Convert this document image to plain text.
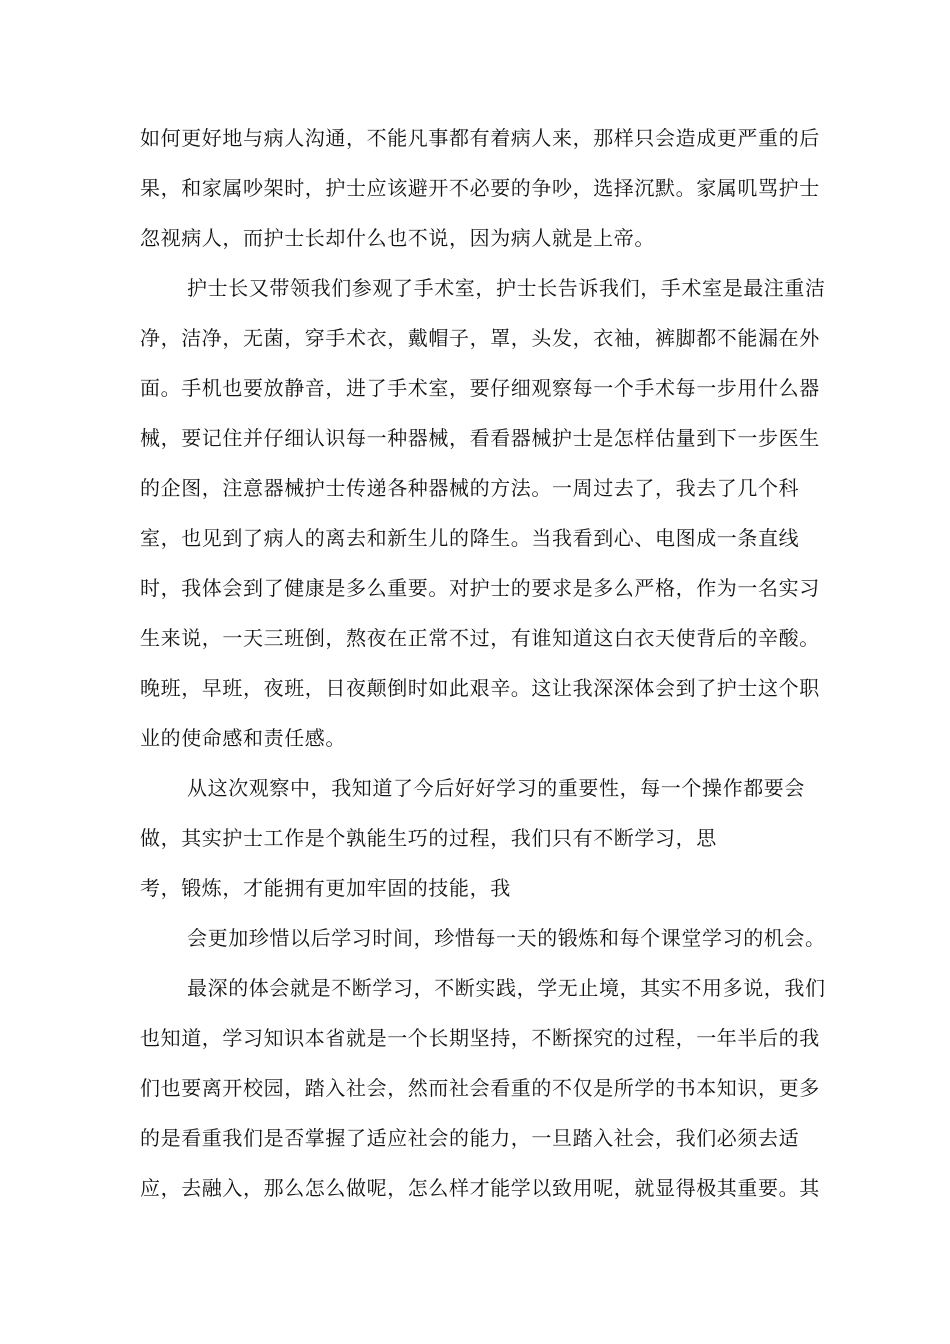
如何更好地与病人沟通，不能凡事都有着病人来，那样只会造成更严重的后
果，和家属吵架时，护士应该避开不必要的争吵，选择沉默。家属叽骂护士
忽视病人，而护士长却什么也不说，因为病人就是上帝。
护士长又带领我们参观了手术室，护士长告诉我们，手术室是最注重洁
净，洁净，无菌，穿手术衣，戴帽子，罩，头发，衣袖，裤脚都不能漏在外
面。手机也要放静音，进了手术室，要仔细观察每一个手术每一步用什么器
械，要记住并仔细认识每一种器械，看看器械护士是怎样估量到下一步医生
的企图，注意器械护士传递各种器械的方法。一周过去了，我去了几个科
室，也见到了病人的离去和新生儿的降生。当我看到心、电图成一条直线
时，我体会到了健康是多么重要。对护士的要求是多么严格，作为一名实习
生来说，一天三班倒，熬夜在正常不过，有谁知道这白衣天使背后的辛酸。
晚班，早班，夜班，日夜颠倒时如此艰辛。这让我深深体会到了护士这个职
业的使命感和责任感。
从这次观察中，我知道了今后好好学习的重要性，每一个操作都要会
做，其实护士工作是个孰能生巧的过程，我们只有不断学习，思
考，锻炼，才能拥有更加牢固的技能，我
会更加珍惜以后学习时间，珍惜每一天的锻炼和每个课堂学习的机会。
最深的体会就是不断学习，不断实践，学无止境，其实不用多说，我们
也知道，学习知识本省就是一个长期坚持，不断探究的过程，一年半后的我
们也要离开校园，踏入社会，然而社会看重的不仅是所学的书本知识，更多
的是看重我们是否掌握了适应社会的能力，一旦踏入社会，我们必须去适
应，去融入，那么怎么做呢，怎么样才能学以致用呢，就显得极其重要。其
